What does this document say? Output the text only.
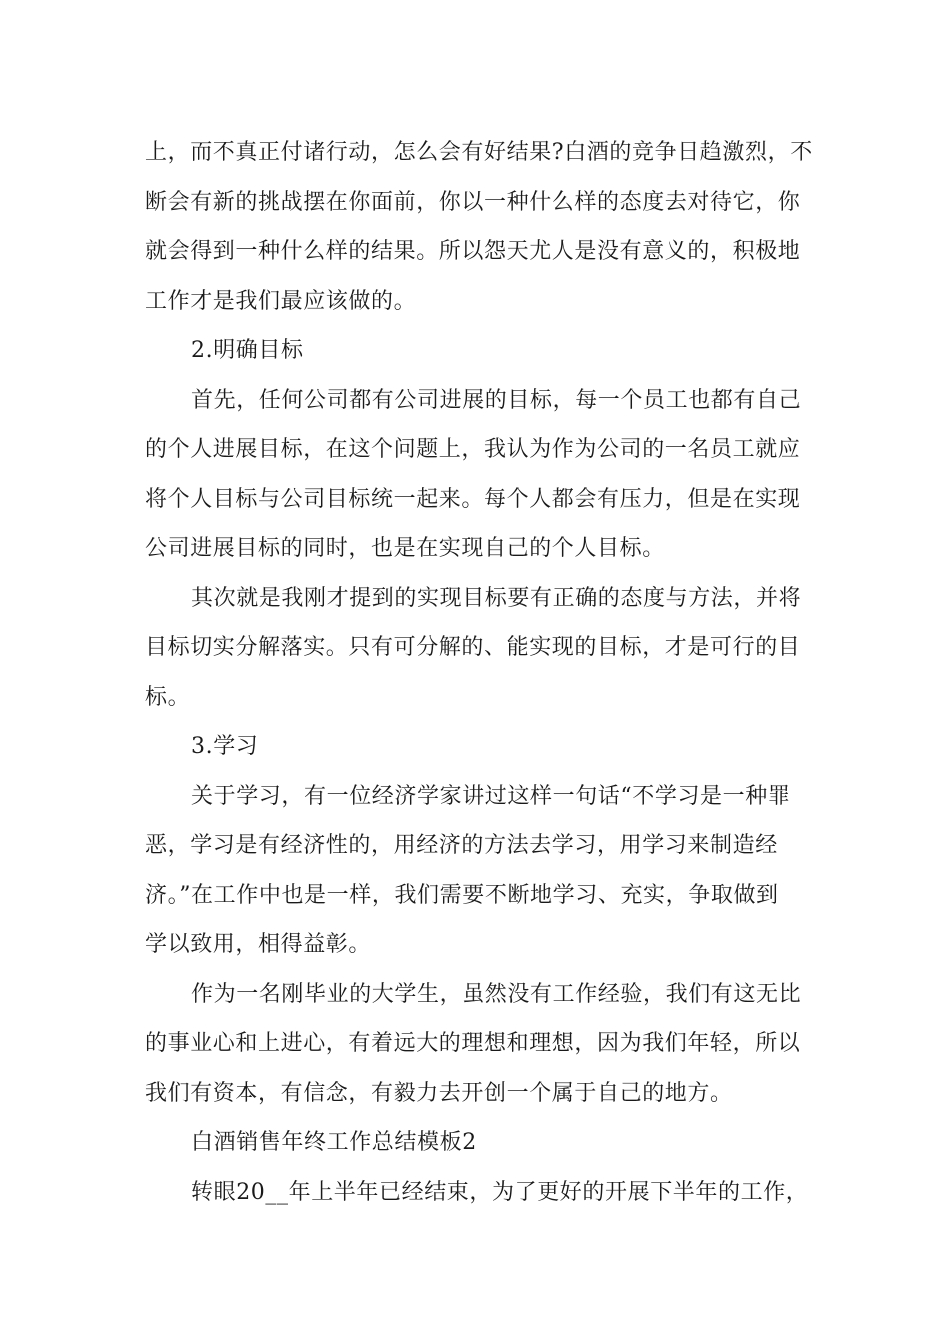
上，而不真正付诸行动，怎么会有好结果?白酒的竞争日趋激烈，不
断会有新的挑战摆在你面前，你以一种什么样的态度去对待它，你
就会得到一种什么样的结果。所以怨天尤人是没有意义的，积极地
工作才是我们最应该做的。
2.明确目标
首先，任何公司都有公司进展的目标，每一个员工也都有自己
的个人进展目标，在这个问题上，我认为作为公司的一名员工就应
将个人目标与公司目标统一起来。每个人都会有压力，但是在实现
公司进展目标的同时，也是在实现自己的个人目标。
其次就是我刚才提到的实现目标要有正确的态度与方法，并将
目标切实分解落实。只有可分解的、能实现的目标，才是可行的目
标。
3.学习
关于学习，有一位经济学家讲过这样一句话“不学习是一种罪
恶，学习是有经济性的，用经济的方法去学习，用学习来制造经
济。”在工作中也是一样，我们需要不断地学习、充实，争取做到
学以致用，相得益彰。
作为一名刚毕业的大学生，虽然没有工作经验，我们有这无比
的事业心和上进心，有着远大的理想和理想，因为我们年轻，所以
我们有资本，有信念，有毅力去开创一个属于自己的地方。
白酒销售年终工作总结模板2
转眼20__年上半年已经结束，为了更好的开展下半年的工作，
